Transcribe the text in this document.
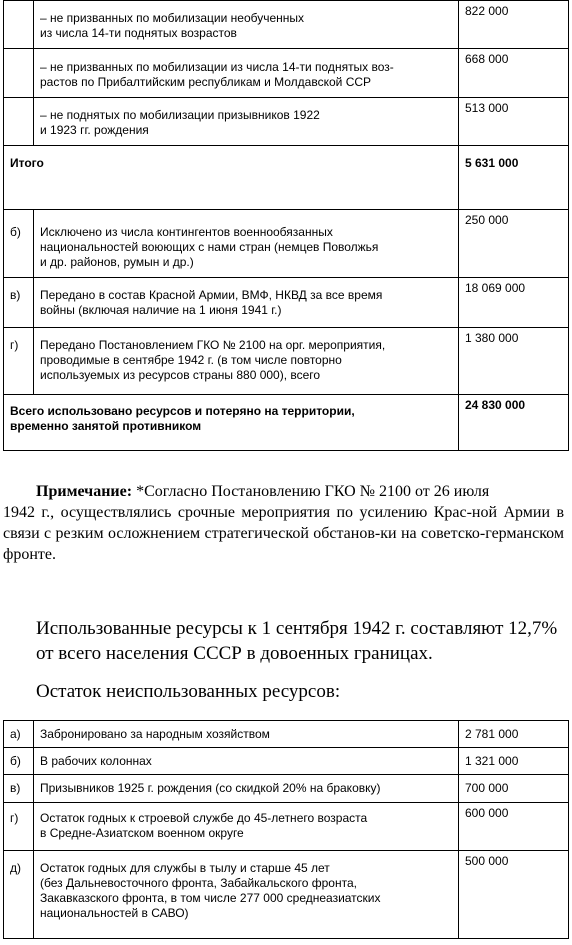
	– не призванных по мобилизации необученных
из числа 14-ти поднятых возрастов	822 000
	– не призванных по мобилизации из числа 14-ти поднятых воз-
растов по Прибалтийским республикам и Молдавской ССР	668 000
	– не поднятых по мобилизации призывников 1922
и 1923 гг. рождения	513 000
Итого		5 631 000
б)	Исключено из числа контингентов военнообязанных
национальностей воюющих с нами стран (немцев Поволжья
и др. районов, румын и др.)	250 000
в)	Передано в состав Красной Армии, ВМФ, НКВД за все время
войны (включая наличие на 1 июня 1941 г.)	18 069 000
г)	Передано Постановлением ГКО № 2100 на орг. мероприятия,
проводимые в сентябре 1942 г. (в том числе повторно
используемых из ресурсов страны 880 000), всего	1 380 000
Всего использовано ресурсов и потеряно на территории,
временно занятой противником		24 830 000
Примечание: *Согласно Постановлению ГКО № 2100 от 26 июля
1942 г., осуществлялись срочные мероприятия по усилению Крас-ной Армии в связи с резким осложнением стратегической обстанов-ки на советско-германском фронте.
Использованные ресурсы к 1 сентября 1942 г. составляют 12,7% от всего населения СССР в довоенных границах.
Остаток неиспользованных ресурсов:
а)	Забронировано за народным хозяйством	2 781 000
б)	В рабочих колоннах	1 321 000
в)	Призывников 1925 г. рождения (со скидкой 20% на браковку)	700 000
г)	Остаток годных к строевой службе до 45-летнего возраста
в Средне-Азиатском военном округе	600 000
д)	Остаток годных для службы в тылу и старше 45 лет
(без Дальневосточного фронта, Забайкальского фронта,
Закавказского фронта, в том числе 277 000 среднеазиатских
национальностей в САВО)	500 000
